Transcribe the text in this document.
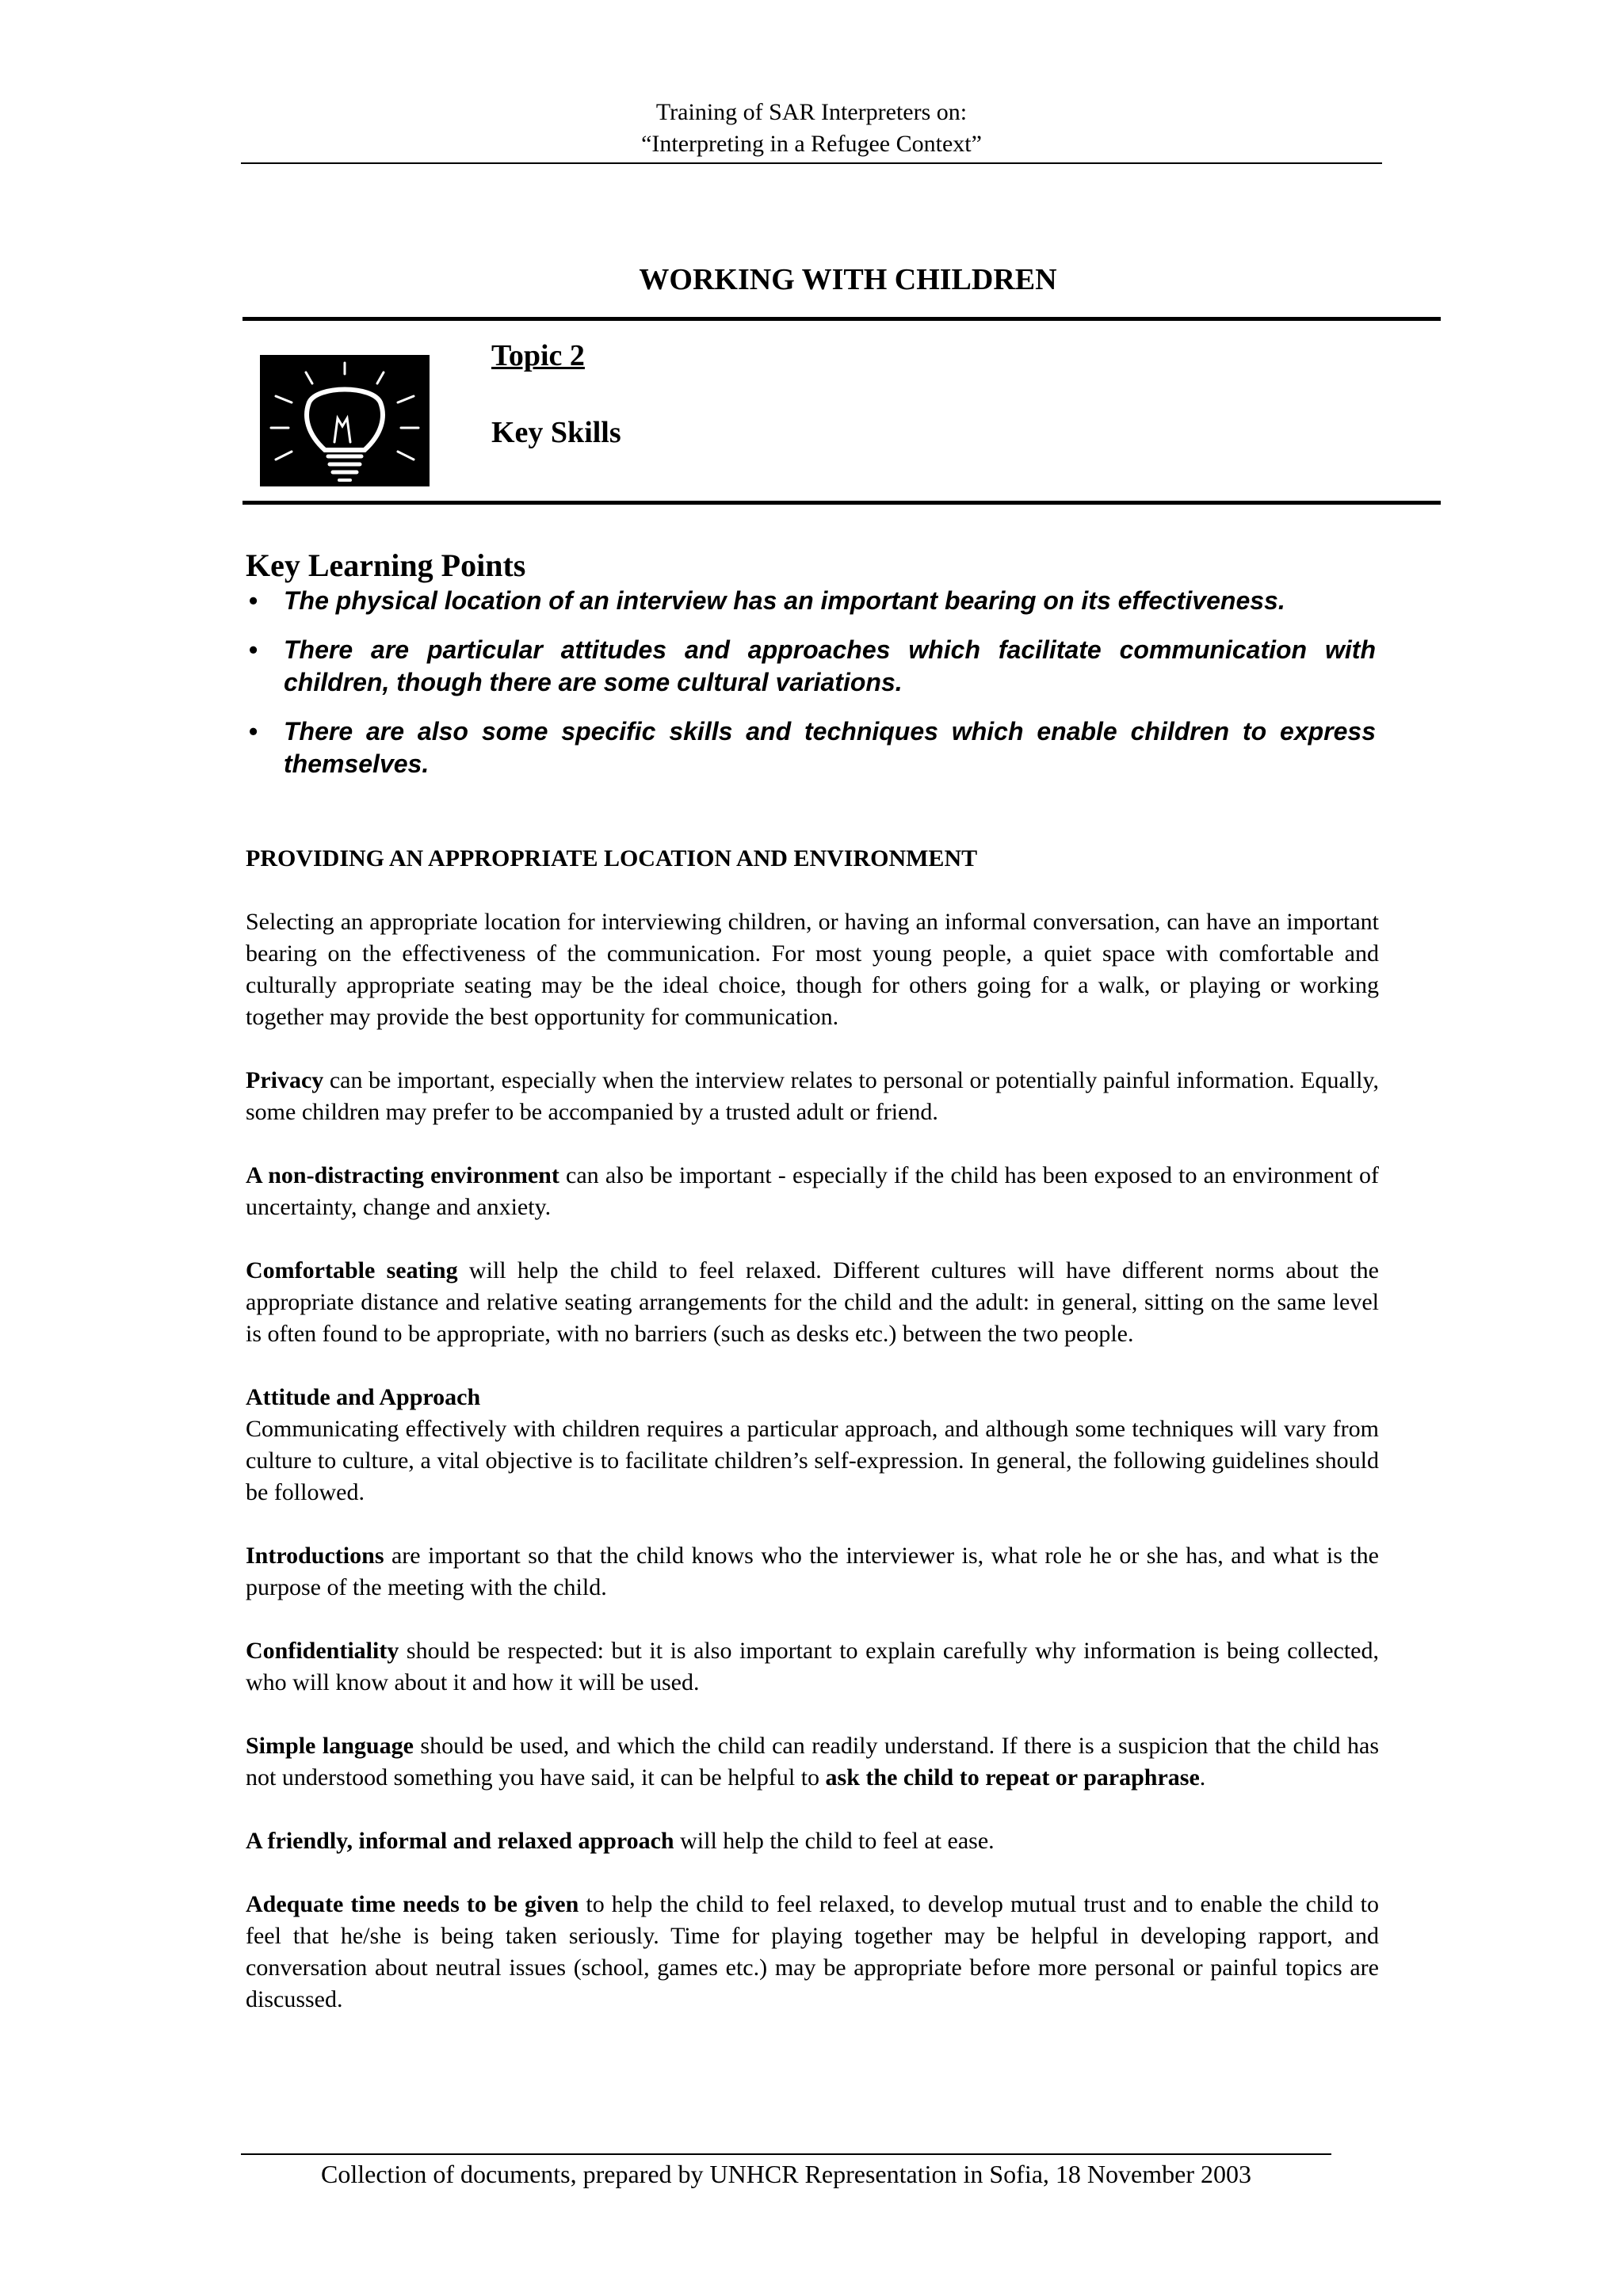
Training of SAR Interpreters on:
“Interpreting in a Refugee Context”
WORKING WITH CHILDREN
Topic 2
Key Skills
Key Learning Points
• The physical location of an interview has an important bearing on its effectiveness.
• There are particular attitudes and approaches which facilitate communication with children, though there are some cultural variations.
• There are also some specific skills and techniques which enable children to express themselves.
PROVIDING AN APPROPRIATE LOCATION AND ENVIRONMENT

Selecting an appropriate location for interviewing children, or having an informal conversation, can have an important bearing on the effectiveness of the communication. For most young people, a quiet space with comfortable and culturally appropriate seating may be the ideal choice, though for others going for a walk, or playing or working together may provide the best opportunity for communication.

Privacy can be important, especially when the interview relates to personal or potentially painful information. Equally, some children may prefer to be accompanied by a trusted adult or friend.

A non-distracting environment can also be important - especially if the child has been exposed to an environment of uncertainty, change and anxiety.

Comfortable seating will help the child to feel relaxed. Different cultures will have different norms about the appropriate distance and relative seating arrangements for the child and the adult: in general, sitting on the same level is often found to be appropriate, with no barriers (such as desks etc.) between the two people.

Attitude and Approach

Communicating effectively with children requires a particular approach, and although some techniques will vary from culture to culture, a vital objective is to facilitate children’s self-expression. In general, the following guidelines should be followed.

Introductions are important so that the child knows who the interviewer is, what role he or she has, and what is the purpose of the meeting with the child.

Confidentiality should be respected: but it is also important to explain carefully why information is being collected, who will know about it and how it will be used.

Simple language should be used, and which the child can readily understand. If there is a suspicion that the child has not understood something you have said, it can be helpful to ask the child to repeat or paraphrase.

A friendly, informal and relaxed approach will help the child to feel at ease.

Adequate time needs to be given to help the child to feel relaxed, to develop mutual trust and to enable the child to feel that he/she is being taken seriously. Time for playing together may be helpful in developing rapport, and conversation about neutral issues (school, games etc.) may be appropriate before more personal or painful topics are discussed.

Collection of documents, prepared by UNHCR Representation in Sofia, 18 November 2003
